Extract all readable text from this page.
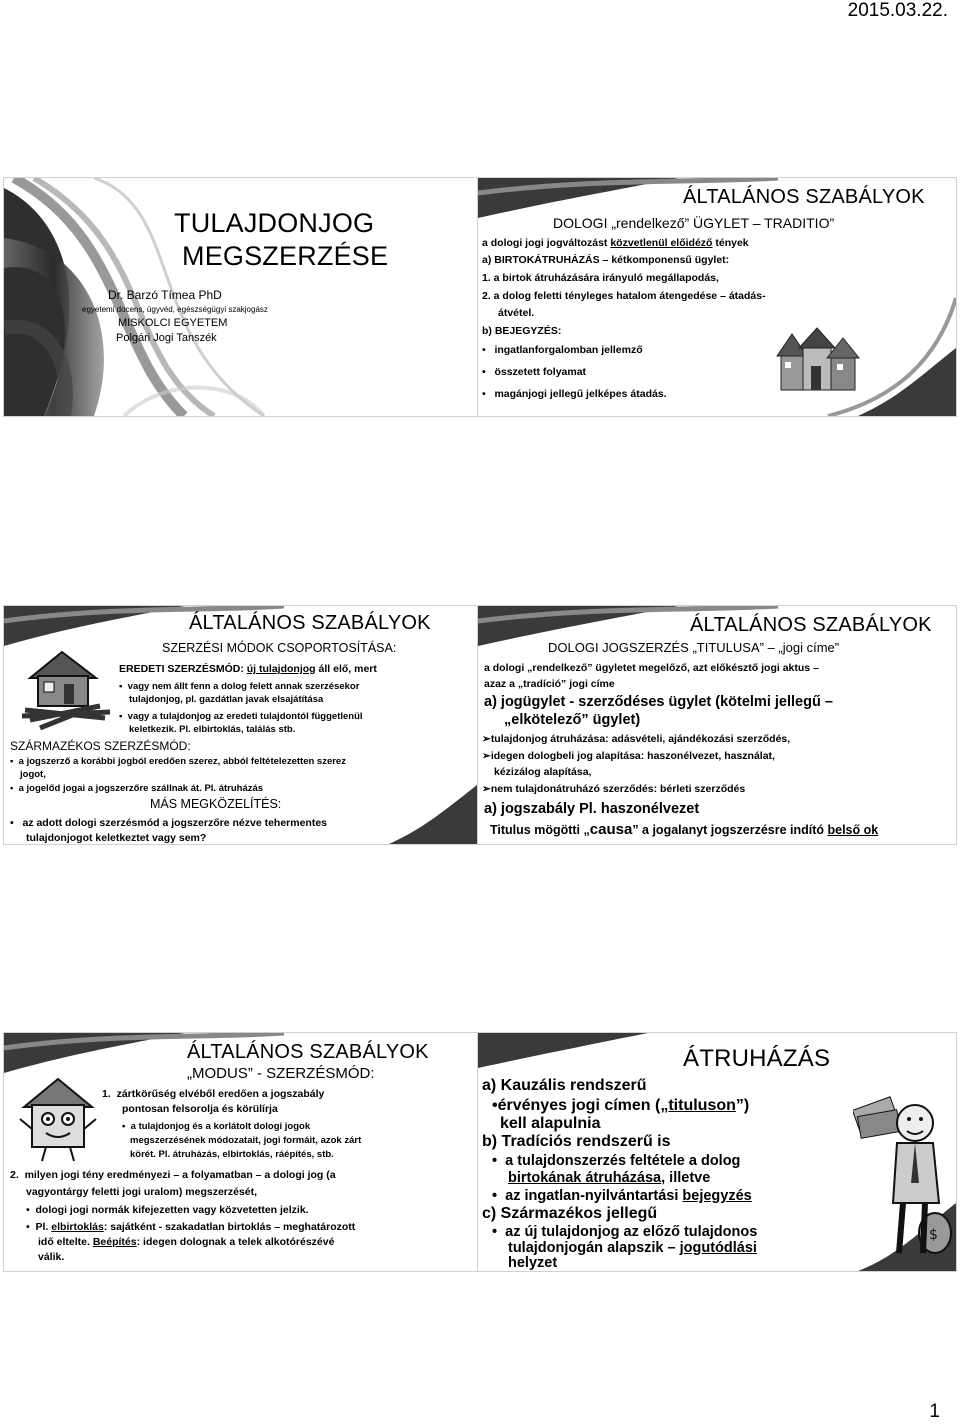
2015.03.22.
TULAJDONJOG
MEGSZERZÉSE
Dr. Barzó Tímea PhD
egyetemi docens, ügyvéd, egészségügyi szakjogász
MISKOLCI EGYETEM
Polgári Jogi Tanszék
ÁLTALÁNOS SZABÁLYOK
DOLOGI „rendelkező” ÜGYLET – TRADITIO”
a dologi jogi jogváltozást közvetlenül előidéző tények
a) BIRTOKÁTRUHÁZÁS – kétkomponensű ügylet:
1. a birtok átruházására irányuló megállapodás,
2. a dolog feletti tényleges hatalom átengedése – átadás-
átvétel.
b) BEJEGYZÉS:
•   ingatlanforgalomban jellemző
•   összetett folyamat
•   magánjogi jellegű jelképes átadás.
ÁLTALÁNOS SZABÁLYOK
SZERZÉSI MÓDOK CSOPORTOSÍTÁSA:
EREDETI SZERZÉSMÓD: új tulajdonjog áll elő, mert
▪  vagy nem állt fenn a dolog felett annak szerzésekor
tulajdonjog, pl. gazdátlan javak elsajátítása
▪  vagy a tulajdonjog az eredeti tulajdontól függetlenül
keletkezik. Pl. elbirtoklás, találás stb.
SZÁRMAZÉKOS SZERZÉSMÓD:
▪  a jogszerző a korábbi jogból eredően szerez, abból feltételezetten szerez
jogot,
•  a jogelőd jogai a jogszerzőre szállnak át. Pl. átruházás
MÁS MEGKÖZELÍTÉS:
•   az adott dologi szerzésmód a jogszerzőre nézve tehermentes
tulajdonjogot keletkeztet vagy sem?
ÁLTALÁNOS SZABÁLYOK
DOLOGI JOGSZERZÉS „TITULUSA” – „jogi címe”
a dologi „rendelkező” ügyletet megelőző, azt előkésztő jogi aktus –
azaz a „tradíció” jogi címe
a) jogügylet - szerződéses ügylet (kötelmi jellegű –
„elkötelező” ügylet)
➢tulajdonjog átruházása: adásvételi, ajándékozási szerződés,
➢idegen dologbeli jog alapítása: haszonélvezet, használat,
kézizálog alapítása,
➢nem tulajdonátruházó szerződés: bérleti szerződés
a) jogszabály Pl. haszonélvezet
Titulus mögötti „causa” a jogalanyt jogszerzésre indító belső ok
ÁLTALÁNOS SZABÁLYOK
„MODUS” - SZERZÉSMÓD:
1.  zártkörűség elvéből eredően a jogszabály
pontosan felsorolja és körülírja
▪  a tulajdonjog és a korlátolt dologi jogok
megszerzésének módozatait, jogi formáit, azok zárt
körét. Pl. átruházás, elbirtoklás, ráépítés, stb.
2.  milyen jogi tény eredményezi – a folyamatban – a dologi jog (a
vagyontárgy feletti jogi uralom) megszerzését,
•  dologi jogi normák kifejezetten vagy közvetetten jelzik.
•  Pl. elbirtoklás: sajátként - szakadatlan birtoklás – meghatározott
idő eltelte. Beépítés: idegen dolognak a telek alkotórészévé
válik.
ÁTRUHÁZÁS
a) Kauzális rendszerű
•érvényes jogi címen („tituluson”)
kell alapulnia
b) Tradíciós rendszerű is
•  a tulajdonszerzés feltétele a dolog
birtokának átruházása, illetve
•  az ingatlan-nyilvántartási bejegyzés
c) Származékos jellegű
•  az új tulajdonjog az előző tulajdonos
tulajdonjogán alapszik – jogutódlási
helyzet
$
1
